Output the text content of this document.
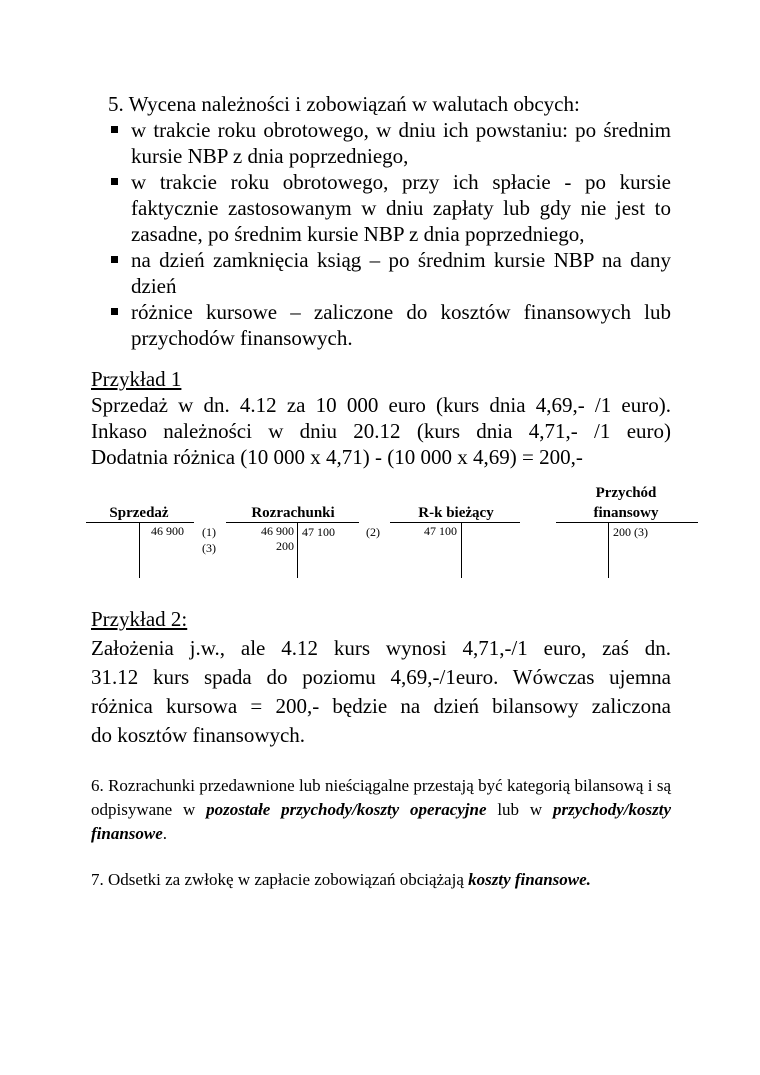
5. Wycena należności i zobowiązań w walutach obcych:
w trakcie roku obrotowego, w dniu ich powstaniu: po średnim kursie NBP z dnia poprzedniego,
w trakcie roku obrotowego, przy ich spłacie - po kursie faktycznie zastosowanym w dniu zapłaty lub gdy nie jest to zasadne, po średnim kursie NBP z dnia poprzedniego,
na dzień zamknięcia ksiąg – po średnim kursie NBP na dany dzień
różnice kursowe – zaliczone do kosztów finansowych lub przychodów finansowych.
Przykład 1
Sprzedaż w dn. 4.12 za 10 000 euro (kurs dnia 4,69,- /1 euro).
Inkaso należności w dniu 20.12 (kurs dnia 4,71,- /1 euro)
Dodatnia różnica (10 000 x 4,71) - (10 000 x 4,69) = 200,-
Sprzedaż
46 900 (1)
(3)
Rozrachunki
46 900
200
47 100	(2)
R-k bieżący
47 100
Przychód
finansowy
200 (3)
Przykład 2:
Założenia j.w., ale 4.12 kurs wynosi 4,71,-/1 euro, zaś dn.
31.12 kurs spada do poziomu 4,69,-/1euro. Wówczas ujemna
różnica kursowa = 200,- będzie na dzień bilansowy zaliczona
do kosztów finansowych.
6. Rozrachunki przedawnione lub nieściągalne przestają być kategorią bilansową i są odpisywane w pozostałe przychody/koszty operacyjne lub w przychody/koszty finansowe.
7. Odsetki za zwłokę w zapłacie zobowiązań obciążają koszty finansowe.
